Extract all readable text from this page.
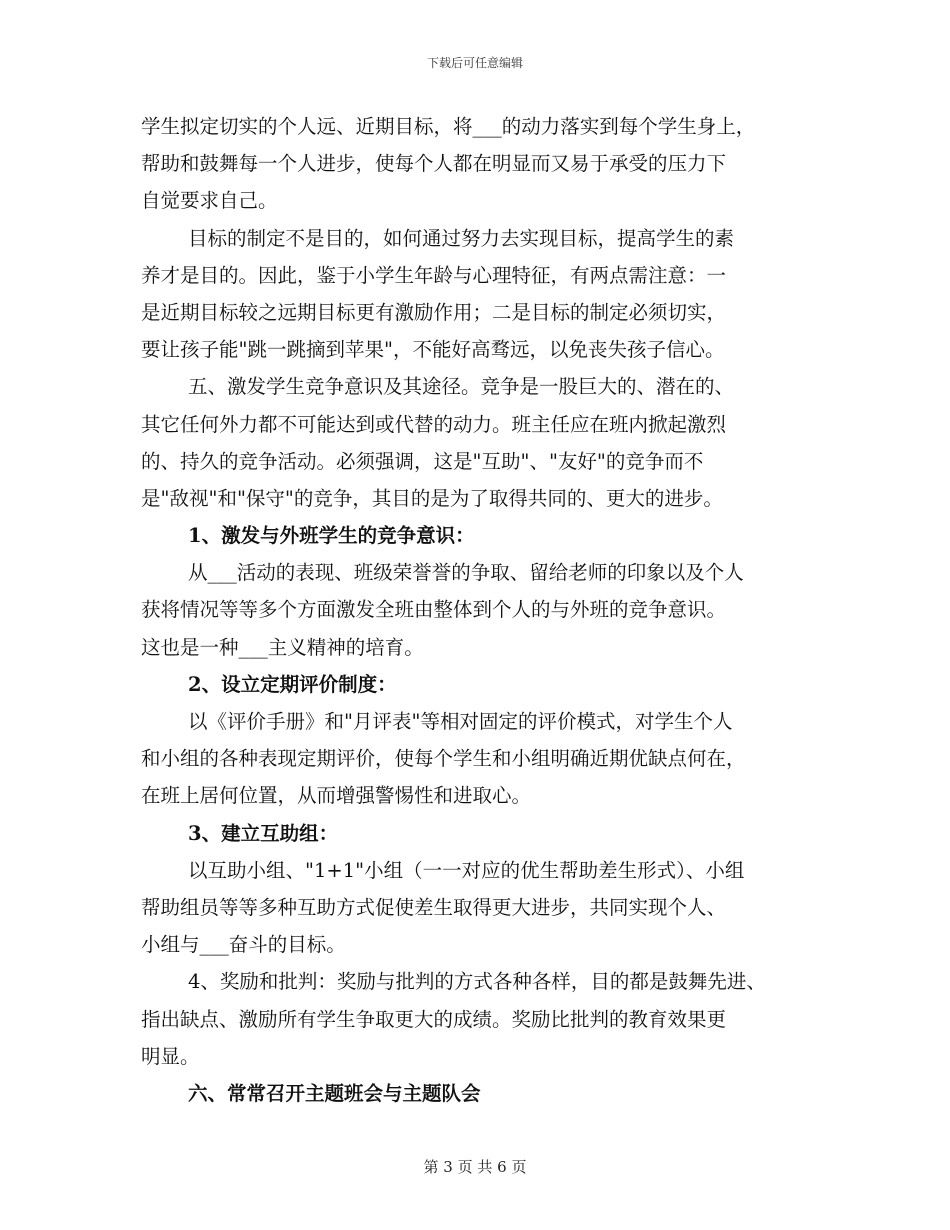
下载后可任意编辑
学生拟定切实的个人远、近期目标，将___的动力落实到每个学生身上，
帮助和鼓舞每一个人进步，使每个人都在明显而又易于承受的压力下
自觉要求自己。
目标的制定不是目的，如何通过努力去实现目标，提高学生的素
养才是目的。因此，鉴于小学生年龄与心理特征，有两点需注意：一
是近期目标较之远期目标更有激励作用；二是目标的制定必须切实，
要让孩子能"跳一跳摘到苹果"，不能好高骛远，以免丧失孩子信心。
五、激发学生竞争意识及其途径。竞争是一股巨大的、潜在的、
其它任何外力都不可能达到或代替的动力。班主任应在班内掀起激烈
的、持久的竞争活动。必须强调，这是"互助"、"友好"的竞争而不
是"敌视"和"保守"的竞争，其目的是为了取得共同的、更大的进步。
1、激发与外班学生的竞争意识：
从___活动的表现、班级荣誉誉的争取、留给老师的印象以及个人
获将情况等等多个方面激发全班由整体到个人的与外班的竞争意识。
这也是一种___主义精神的培育。
2、设立定期评价制度：
以《评价手册》和"月评表"等相对固定的评价模式，对学生个人
和小组的各种表现定期评价，使每个学生和小组明确近期优缺点何在，
在班上居何位置，从而增强警惕性和进取心。
3、建立互助组：
以互助小组、"1+1"小组（一一对应的优生帮助差生形式）、小组
帮助组员等等多种互助方式促使差生取得更大进步，共同实现个人、
小组与___奋斗的目标。
4、奖励和批判：奖励与批判的方式各种各样，目的都是鼓舞先进、
指出缺点、激励所有学生争取更大的成绩。奖励比批判的教育效果更
明显。
六、常常召开主题班会与主题队会
第 3 页 共 6 页
